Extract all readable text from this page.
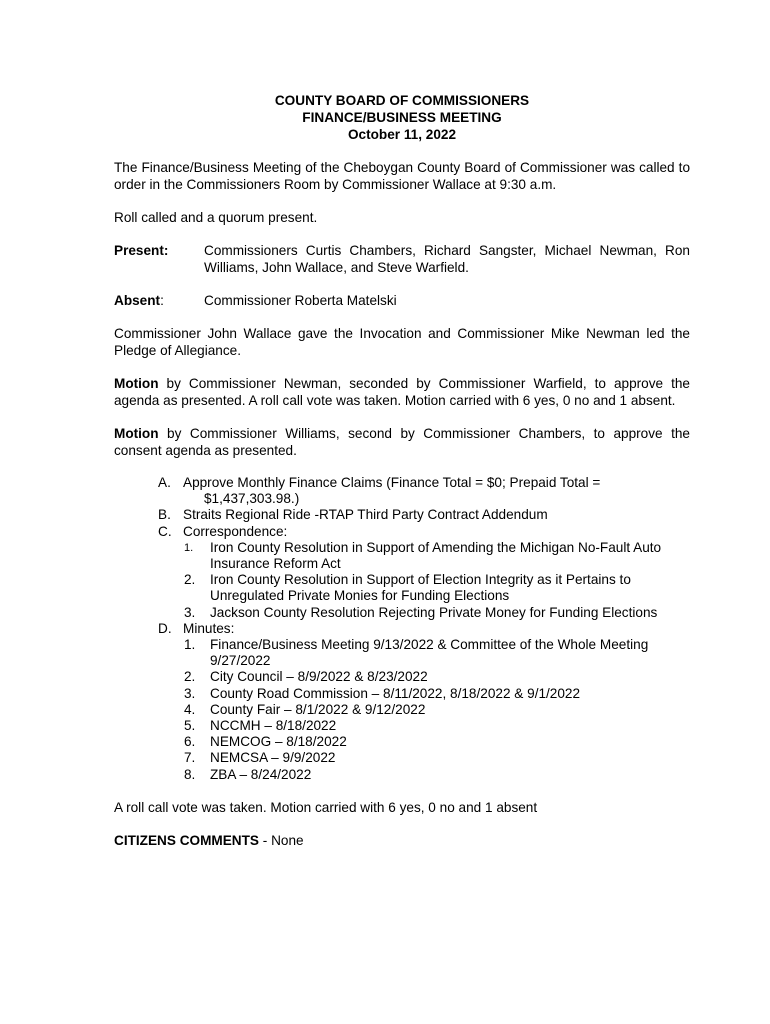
COUNTY BOARD OF COMMISSIONERS
FINANCE/BUSINESS MEETING
October 11, 2022

The Finance/Business Meeting of the Cheboygan County Board of Commissioner was called to order in the Commissioners Room by Commissioner Wallace at 9:30 a.m.

Roll called and a quorum present.

Present:	Commissioners Curtis Chambers, Richard Sangster, Michael Newman, Ron Williams, John Wallace, and Steve Warfield.
Absent:	Commissioner Roberta Matelski

Commissioner John Wallace gave the Invocation and Commissioner Mike Newman led the Pledge of Allegiance.

Motion by Commissioner Newman, seconded by Commissioner Warfield, to approve the agenda as presented. A roll call vote was taken. Motion carried with 6 yes, 0 no and 1 absent.

Motion by Commissioner Williams, second by Commissioner Chambers, to approve the consent agenda as presented.

A. Approve Monthly Finance Claims (Finance Total = $0; Prepaid Total =
$1,437,303.98.)
B. Straits Regional Ride -RTAP Third Party Contract Addendum
C. Correspondence:
1.	Iron County Resolution in Support of Amending the Michigan No-Fault Auto
Insurance Reform Act
2.	Iron County Resolution in Support of Election Integrity as it Pertains to
Unregulated Private Monies for Funding Elections
3.	Jackson County Resolution Rejecting Private Money for Funding Elections
D. Minutes:
1.	Finance/Business Meeting 9/13/2022 & Committee of the Whole Meeting
9/27/2022
2.	City Council – 8/9/2022 & 8/23/2022
3.	County Road Commission – 8/11/2022, 8/18/2022 & 9/1/2022
4.	County Fair – 8/1/2022 & 9/12/2022
5.	NCCMH – 8/18/2022
6.	NEMCOG – 8/18/2022
7.	NEMCSA – 9/9/2022
8.	ZBA – 8/24/2022

A roll call vote was taken. Motion carried with 6 yes, 0 no and 1 absent

CITIZENS COMMENTS - None
